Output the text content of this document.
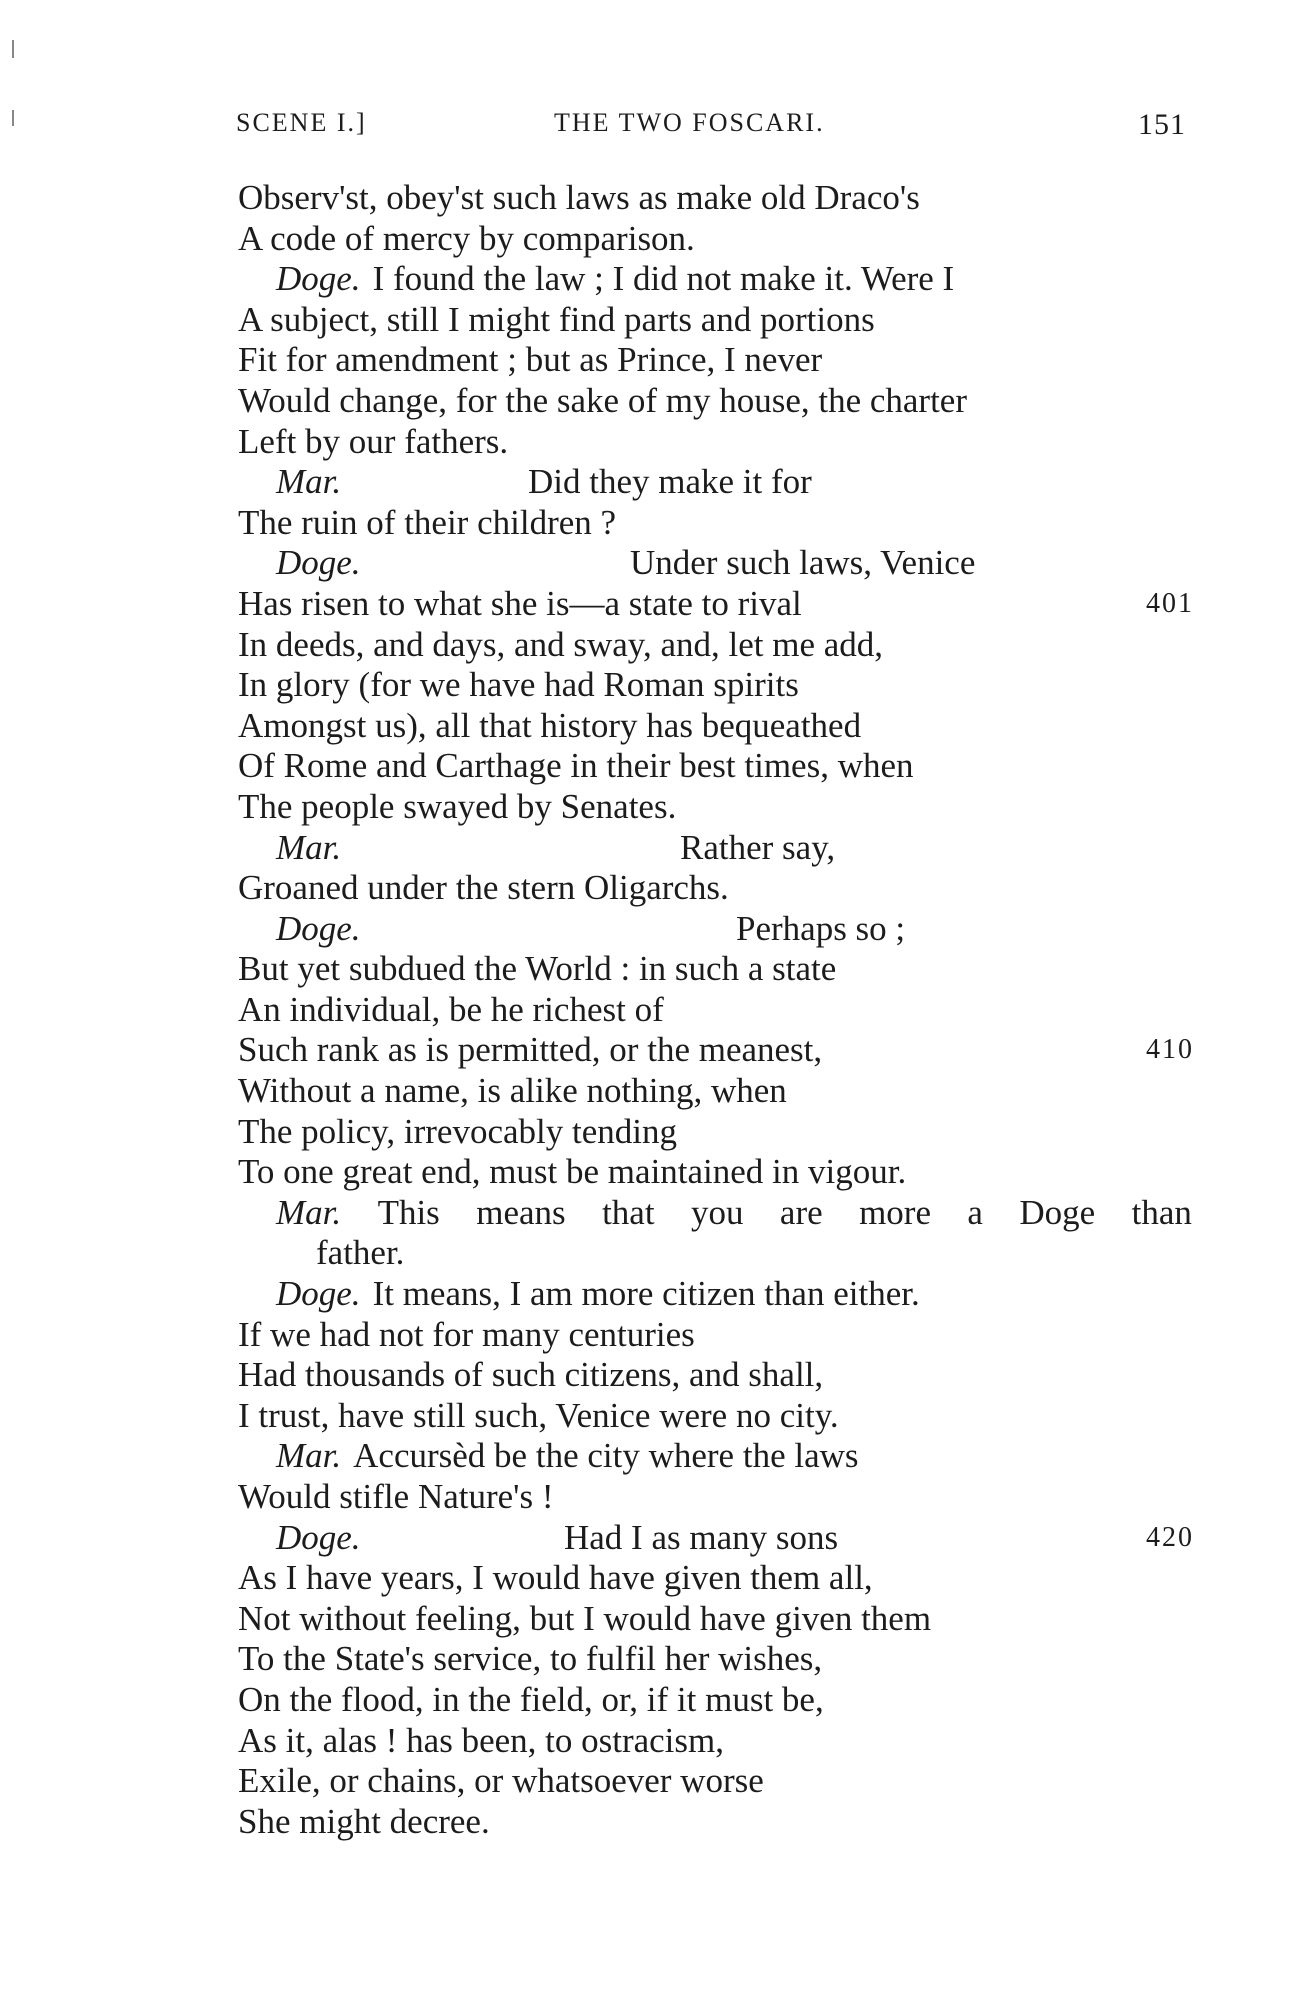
SCENE I.]	THE TWO FOSCARI.	151
Observ'st, obey'st such laws as make old Draco's
A code of mercy by comparison.
Doge. I found the law ; I did not make it. Were I
A subject, still I might find parts and portions
Fit for amendment ; but as Prince, I never
Would change, for the sake of my house, the charter
Left by our fathers.
Mar.	Did they make it for
The ruin of their children ?
Doge.	Under such laws, Venice
Has risen to what she is—a state to rival	401
In deeds, and days, and sway, and, let me add,
In glory (for we have had Roman spirits
Amongst us), all that history has bequeathed
Of Rome and Carthage in their best times, when
The people swayed by Senates.
Mar.	Rather say,
Groaned under the stern Oligarchs.
Doge.	Perhaps so ;
But yet subdued the World : in such a state
An individual, be he richest of
Such rank as is permitted, or the meanest,	410
Without a name, is alike nothing, when
The policy, irrevocably tending
To one great end, must be maintained in vigour.
Mar. This means that you are more a Doge than
father.
Doge. It means, I am more citizen than either.
If we had not for many centuries
Had thousands of such citizens, and shall,
I trust, have still such, Venice were no city.
Mar. Accursèd be the city where the laws
Would stifle Nature's !
Doge.	Had I as many sons	420
As I have years, I would have given them all,
Not without feeling, but I would have given them
To the State's service, to fulfil her wishes,
On the flood, in the field, or, if it must be,
As it, alas ! has been, to ostracism,
Exile, or chains, or whatsoever worse
She might decree.
